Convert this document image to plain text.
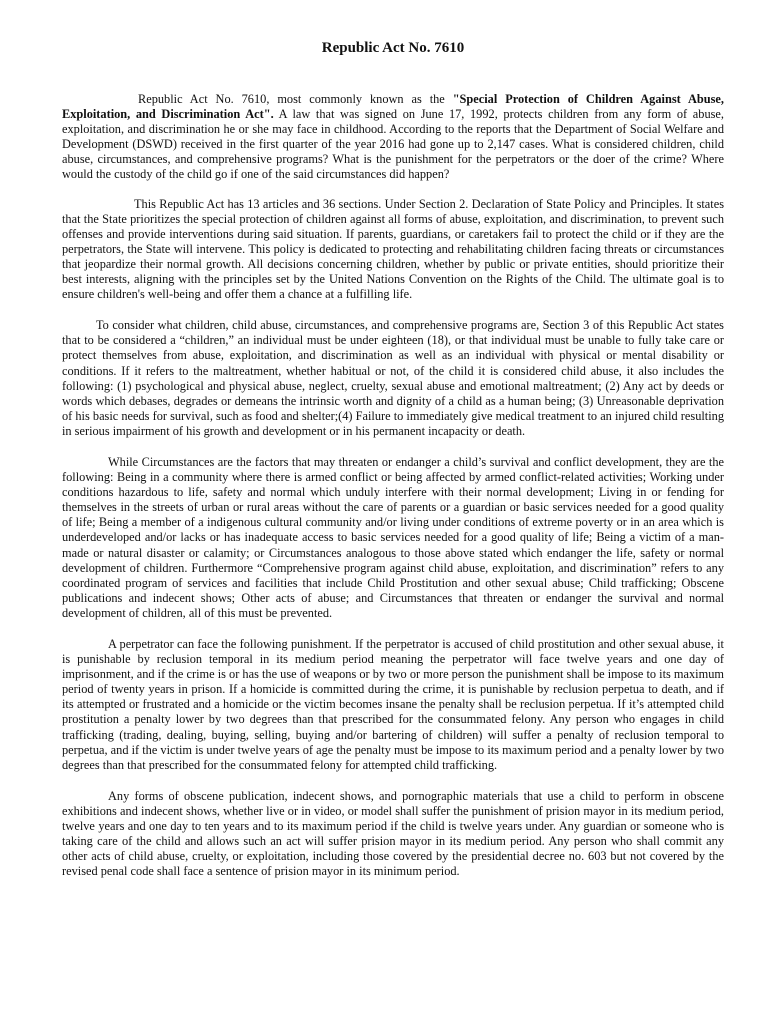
Republic Act No. 7610

Republic Act No. 7610, most commonly known as the "Special Protection of Children Against Abuse, Exploitation, and Discrimination Act". A law that was signed on June 17, 1992, protects children from any form of abuse, exploitation, and discrimination he or she may face in childhood. According to the reports that the Department of Social Welfare and Development (DSWD) received in the first quarter of the year 2016 had gone up to 2,147 cases. What is considered children, child abuse, circumstances, and comprehensive programs? What is the punishment for the perpetrators or the doer of the crime? Where would the custody of the child go if one of the said circumstances did happen?

This Republic Act has 13 articles and 36 sections. Under Section 2. Declaration of State Policy and Principles. It states that the State prioritizes the special protection of children against all forms of abuse, exploitation, and discrimination, to prevent such offenses and provide interventions during said situation. If parents, guardians, or caretakers fail to protect the child or if they are the perpetrators, the State will intervene. This policy is dedicated to protecting and rehabilitating children facing threats or circumstances that jeopardize their normal growth. All decisions concerning children, whether by public or private entities, should prioritize their best interests, aligning with the principles set by the United Nations Convention on the Rights of the Child. The ultimate goal is to ensure children's well-being and offer them a chance at a fulfilling life.

To consider what children, child abuse, circumstances, and comprehensive programs are, Section 3 of this Republic Act states that to be considered a “children,” an individual must be under eighteen (18), or that individual must be unable to fully take care or protect themselves from abuse, exploitation, and discrimination as well as an individual with physical or mental disability or conditions. If it refers to the maltreatment, whether habitual or not, of the child it is considered child abuse, it also includes the following: (1) psychological and physical abuse, neglect, cruelty, sexual abuse and emotional maltreatment; (2) Any act by deeds or words which debases, degrades or demeans the intrinsic worth and dignity of a child as a human being; (3) Unreasonable deprivation of his basic needs for survival, such as food and shelter;(4) Failure to immediately give medical treatment to an injured child resulting in serious impairment of his growth and development or in his permanent incapacity or death.

While Circumstances are the factors that may threaten or endanger a child’s survival and conflict development, they are the following: Being in a community where there is armed conflict or being affected by armed conflict-related activities; Working under conditions hazardous to life, safety and normal which unduly interfere with their normal development; Living in or fending for themselves in the streets of urban or rural areas without the care of parents or a guardian or basic services needed for a good quality of life; Being a member of a indigenous cultural community and/or living under conditions of extreme poverty or in an area which is underdeveloped and/or lacks or has inadequate access to basic services needed for a good quality of life; Being a victim of a man-made or natural disaster or calamity; or Circumstances analogous to those above stated which endanger the life, safety or normal development of children. Furthermore “Comprehensive program against child abuse, exploitation, and discrimination” refers to any coordinated program of services and facilities that include Child Prostitution and other sexual abuse; Child trafficking; Obscene publications and indecent shows; Other acts of abuse; and Circumstances that threaten or endanger the survival and normal development of children, all of this must be prevented.

A perpetrator can face the following punishment. If the perpetrator is accused of child prostitution and other sexual abuse, it is punishable by reclusion temporal in its medium period meaning the perpetrator will face twelve years and one day of imprisonment, and if the crime is or has the use of weapons or by two or more person the punishment shall be impose to its maximum period of twenty years in prison. If a homicide is committed during the crime, it is punishable by reclusion perpetua to death, and if its attempted or frustrated and a homicide or the victim becomes insane the penalty shall be reclusion perpetua. If it’s attempted child prostitution a penalty lower by two degrees than that prescribed for the consummated felony. Any person who engages in child trafficking (trading, dealing, buying, selling, buying and/or bartering of children) will suffer a penalty of reclusion temporal to perpetua, and if the victim is under twelve years of age the penalty must be impose to its maximum period and a penalty lower by two degrees than that prescribed for the consummated felony for attempted child trafficking.

Any forms of obscene publication, indecent shows, and pornographic materials that use a child to perform in obscene exhibitions and indecent shows, whether live or in video, or model shall suffer the punishment of prision mayor in its medium period, twelve years and one day to ten years and to its maximum period if the child is twelve years under. Any guardian or someone who is taking care of the child and allows such an act will suffer prision mayor in its medium period. Any person who shall commit any other acts of child abuse, cruelty, or exploitation, including those covered by the presidential decree no. 603 but not covered by the revised penal code shall face a sentence of prision mayor in its minimum period.
